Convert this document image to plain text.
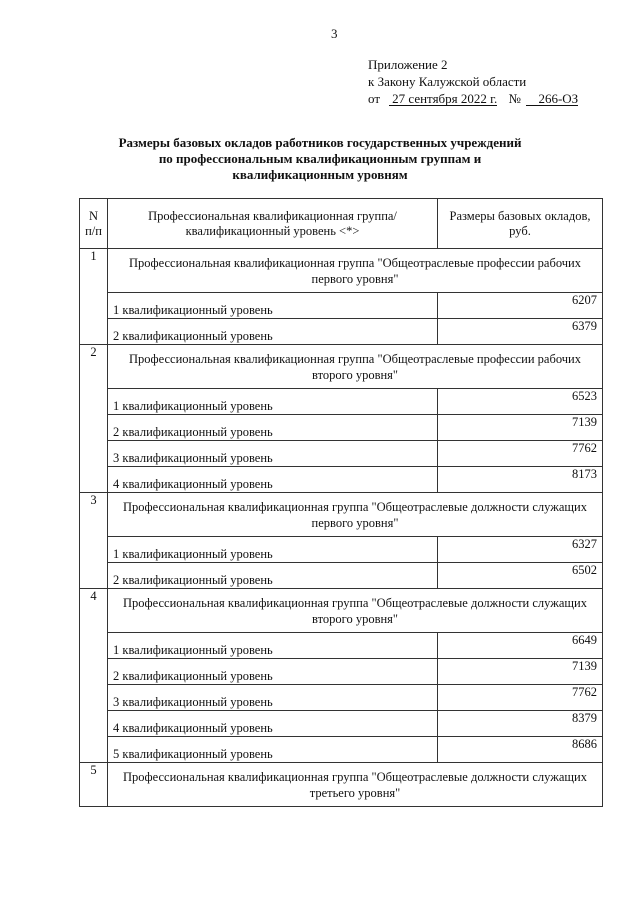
3
Приложение 2
к Закону Калужской области
от 27 сентября 2022 г. № 266-ОЗ
Размеры базовых окладов работников государственных учреждений
по профессиональным квалификационным группам и
квалификационным уровням
N п/п	Профессиональная квалификационная группа/квалификационный уровень <*>	Размеры базовых окладов, руб.
1	Профессиональная квалификационная группа "Общеотраслевые профессии рабочих первого уровня"	
	1 квалификационный уровень	6207
	2 квалификационный уровень	6379
2	Профессиональная квалификационная группа "Общеотраслевые профессии рабочих второго уровня"	
	1 квалификационный уровень	6523
	2 квалификационный уровень	7139
	3 квалификационный уровень	7762
	4 квалификационный уровень	8173
3	Профессиональная квалификационная группа "Общеотраслевые должности служащих первого уровня"	
	1 квалификационный уровень	6327
	2 квалификационный уровень	6502
4	Профессиональная квалификационная группа "Общеотраслевые должности служащих второго уровня"	
	1 квалификационный уровень	6649
	2 квалификационный уровень	7139
	3 квалификационный уровень	7762
	4 квалификационный уровень	8379
	5 квалификационный уровень	8686
5	Профессиональная квалификационная группа "Общеотраслевые должности служащих третьего уровня"	
